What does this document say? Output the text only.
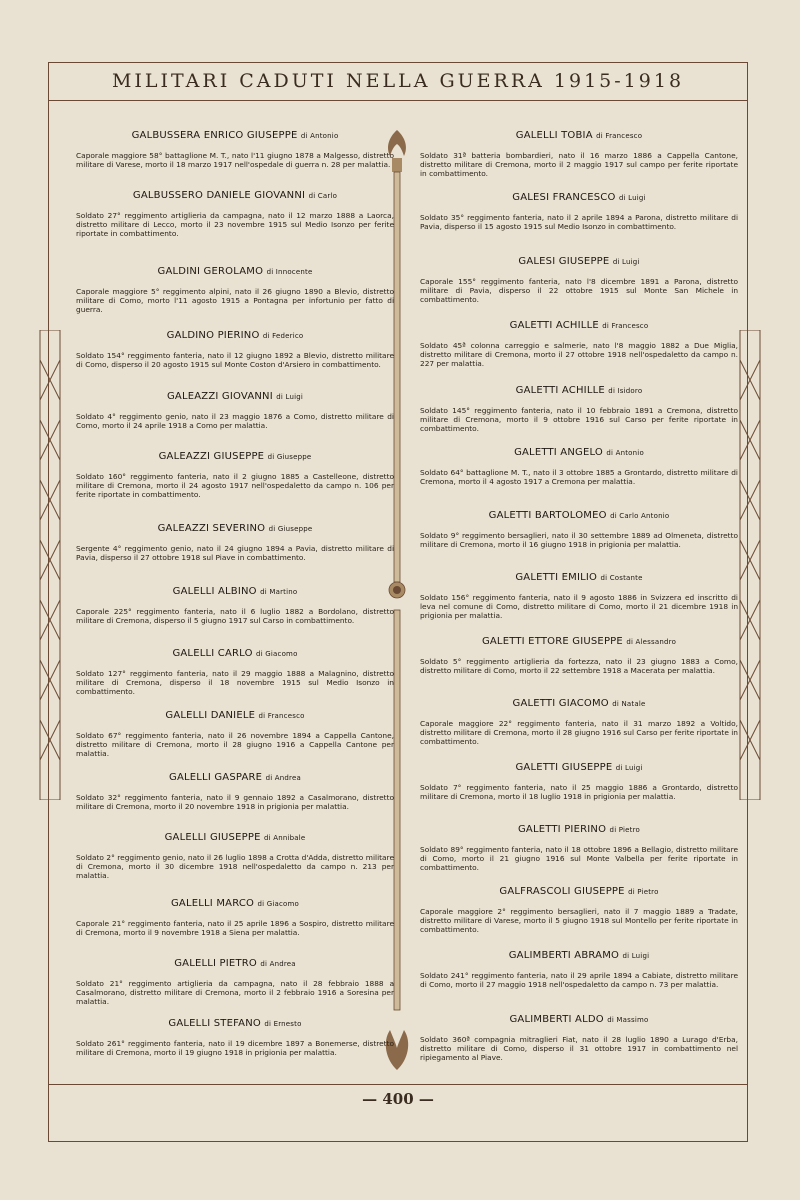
MILITARI CADUTI NELLA GUERRA 1915-1918
GALBUSSERA ENRICO GIUSEPPE di Antonio
Caporale maggiore 58° battaglione M. T., nato l'11 giugno 1878 a Malgesso, distretto militare di Varese, morto il 18 marzo 1917 nell'ospedale di guerra n. 28 per malattia.
GALBUSSERO DANIELE GIOVANNI di Carlo
Soldato 27° reggimento artiglieria da campagna, nato il 12 marzo 1888 a Laorca, distretto militare di Lecco, morto il 23 novembre 1915 sul Medio Isonzo per ferite riportate in combattimento.
GALDINI GEROLAMO di Innocente
Caporale maggiore 5° reggimento alpini, nato il 26 giugno 1890 a Blevio, distretto militare di Como, morto l'11 agosto 1915 a Pontagna per infortunio per fatto di guerra.
GALDINO PIERINO di Federico
Soldato 154° reggimento fanteria, nato il 12 giugno 1892 a Blevio, distretto militare di Como, disperso il 20 agosto 1915 sul Monte Coston d'Arsiero in combattimento.
GALEAZZI GIOVANNI di Luigi
Soldato 4° reggimento genio, nato il 23 maggio 1876 a Como, distretto militare di Como, morto il 24 aprile 1918 a Como per malattia.
GALEAZZI GIUSEPPE di Giuseppe
Soldato 160° reggimento fanteria, nato il 2 giugno 1885 a Castelleone, distretto militare di Cremona, morto il 24 agosto 1917 nell'ospedaletto da campo n. 106 per ferite riportate in combattimento.
GALEAZZI SEVERINO di Giuseppe
Sergente 4° reggimento genio, nato il 24 giugno 1894 a Pavia, distretto militare di Pavia, disperso il 27 ottobre 1918 sul Piave in combattimento.
GALELLI ALBINO di Martino
Caporale 225° reggimento fanteria, nato il 6 luglio 1882 a Bordolano, distretto militare di Cremona, disperso il 5 giugno 1917 sul Carso in combattimento.
GALELLI CARLO di Giacomo
Soldato 127° reggimento fanteria, nato il 29 maggio 1888 a Malagnino, distretto militare di Cremona, disperso il 18 novembre 1915 sul Medio Isonzo in combattimento.
GALELLI DANIELE di Francesco
Soldato 67° reggimento fanteria, nato il 26 novembre 1894 a Cappella Cantone, distretto militare di Cremona, morto il 28 giugno 1916 a Cappella Cantone per malattia.
GALELLI GASPARE di Andrea
Soldato 32° reggimento fanteria, nato il 9 gennaio 1892 a Casalmorano, distretto militare di Cremona, morto il 20 novembre 1918 in prigionia per malattia.
GALELLI GIUSEPPE di Annibale
Soldato 2° reggimento genio, nato il 26 luglio 1898 a Crotta d'Adda, distretto militare di Cremona, morto il 30 dicembre 1918 nell'ospedaletto da campo n. 213 per malattia.
GALELLI MARCO di Giacomo
Caporale 21° reggimento fanteria, nato il 25 aprile 1896 a Sospiro, distretto militare di Cremona, morto il 9 novembre 1918 a Siena per malattia.
GALELLI PIETRO di Andrea
Soldato 21° reggimento artiglieria da campagna, nato il 28 febbraio 1888 a Casalmorano, distretto militare di Cremona, morto il 2 febbraio 1916 a Soresina per malattia.
GALELLI STEFANO di Ernesto
Soldato 261° reggimento fanteria, nato il 19 dicembre 1897 a Bonemerse, distretto militare di Cremona, morto il 19 giugno 1918 in prigionia per malattia.
GALELLI TOBIA di Francesco
Soldato 31ª batteria bombardieri, nato il 16 marzo 1886 a Cappella Cantone, distretto militare di Cremona, morto il 2 maggio 1917 sul campo per ferite riportate in combattimento.
GALESI FRANCESCO di Luigi
Soldato 35° reggimento fanteria, nato il 2 aprile 1894 a Parona, distretto militare di Pavia, disperso il 15 agosto 1915 sul Medio Isonzo in combattimento.
GALESI GIUSEPPE di Luigi
Caporale 155° reggimento fanteria, nato l'8 dicembre 1891 a Parona, distretto militare di Pavia, disperso il 22 ottobre 1915 sul Monte San Michele in combattimento.
GALETTI ACHILLE di Francesco
Soldato 45ª colonna carreggio e salmerie, nato l'8 maggio 1882 a Due Miglia, distretto militare di Cremona, morto il 27 ottobre 1918 nell'ospedaletto da campo n. 227 per malattia.
GALETTI ACHILLE di Isidoro
Soldato 145° reggimento fanteria, nato il 10 febbraio 1891 a Cremona, distretto militare di Cremona, morto il 9 ottobre 1916 sul Carso per ferite riportate in combattimento.
GALETTI ANGELO di Antonio
Soldato 64° battaglione M. T., nato il 3 ottobre 1885 a Grontardo, distretto militare di Cremona, morto il 4 agosto 1917 a Cremona per malattia.
GALETTI BARTOLOMEO di Carlo Antonio
Soldato 9° reggimento bersaglieri, nato il 30 settembre 1889 ad Olmeneta, distretto militare di Cremona, morto il 16 giugno 1918 in prigionia per malattia.
GALETTI EMILIO di Costante
Soldato 156° reggimento fanteria, nato il 9 agosto 1886 in Svizzera ed inscritto di leva nel comune di Como, distretto militare di Como, morto il 21 dicembre 1918 in prigionia per malattia.
GALETTI ETTORE GIUSEPPE di Alessandro
Soldato 5° reggimento artiglieria da fortezza, nato il 23 giugno 1883 a Como, distretto militare di Como, morto il 22 settembre 1918 a Macerata per malattia.
GALETTI GIACOMO di Natale
Caporale maggiore 22° reggimento fanteria, nato il 31 marzo 1892 a Voltido, distretto militare di Cremona, morto il 28 giugno 1916 sul Carso per ferite riportate in combattimento.
GALETTI GIUSEPPE di Luigi
Soldato 7° reggimento fanteria, nato il 25 maggio 1886 a Grontardo, distretto militare di Cremona, morto il 18 luglio 1918 in prigionia per malattia.
GALETTI PIERINO di Pietro
Soldato 89° reggimento fanteria, nato il 18 ottobre 1896 a Bellagio, distretto militare di Como, morto il 21 giugno 1916 sul Monte Valbella per ferite riportate in combattimento.
GALFRASCOLI GIUSEPPE di Pietro
Caporale maggiore 2° reggimento bersaglieri, nato il 7 maggio 1889 a Tradate, distretto militare di Varese, morto il 5 giugno 1918 sul Montello per ferite riportate in combattimento.
GALIMBERTI ABRAMO di Luigi
Soldato 241° reggimento fanteria, nato il 29 aprile 1894 a Cabiate, distretto militare di Como, morto il 27 maggio 1918 nell'ospedaletto da campo n. 73 per malattia.
GALIMBERTI ALDO di Massimo
Soldato 360ª compagnia mitraglieri Fiat, nato il 28 luglio 1890 a Lurago d'Erba, distretto militare di Como, disperso il 31 ottobre 1917 in combattimento nel ripiegamento al Piave.
— 400 —
